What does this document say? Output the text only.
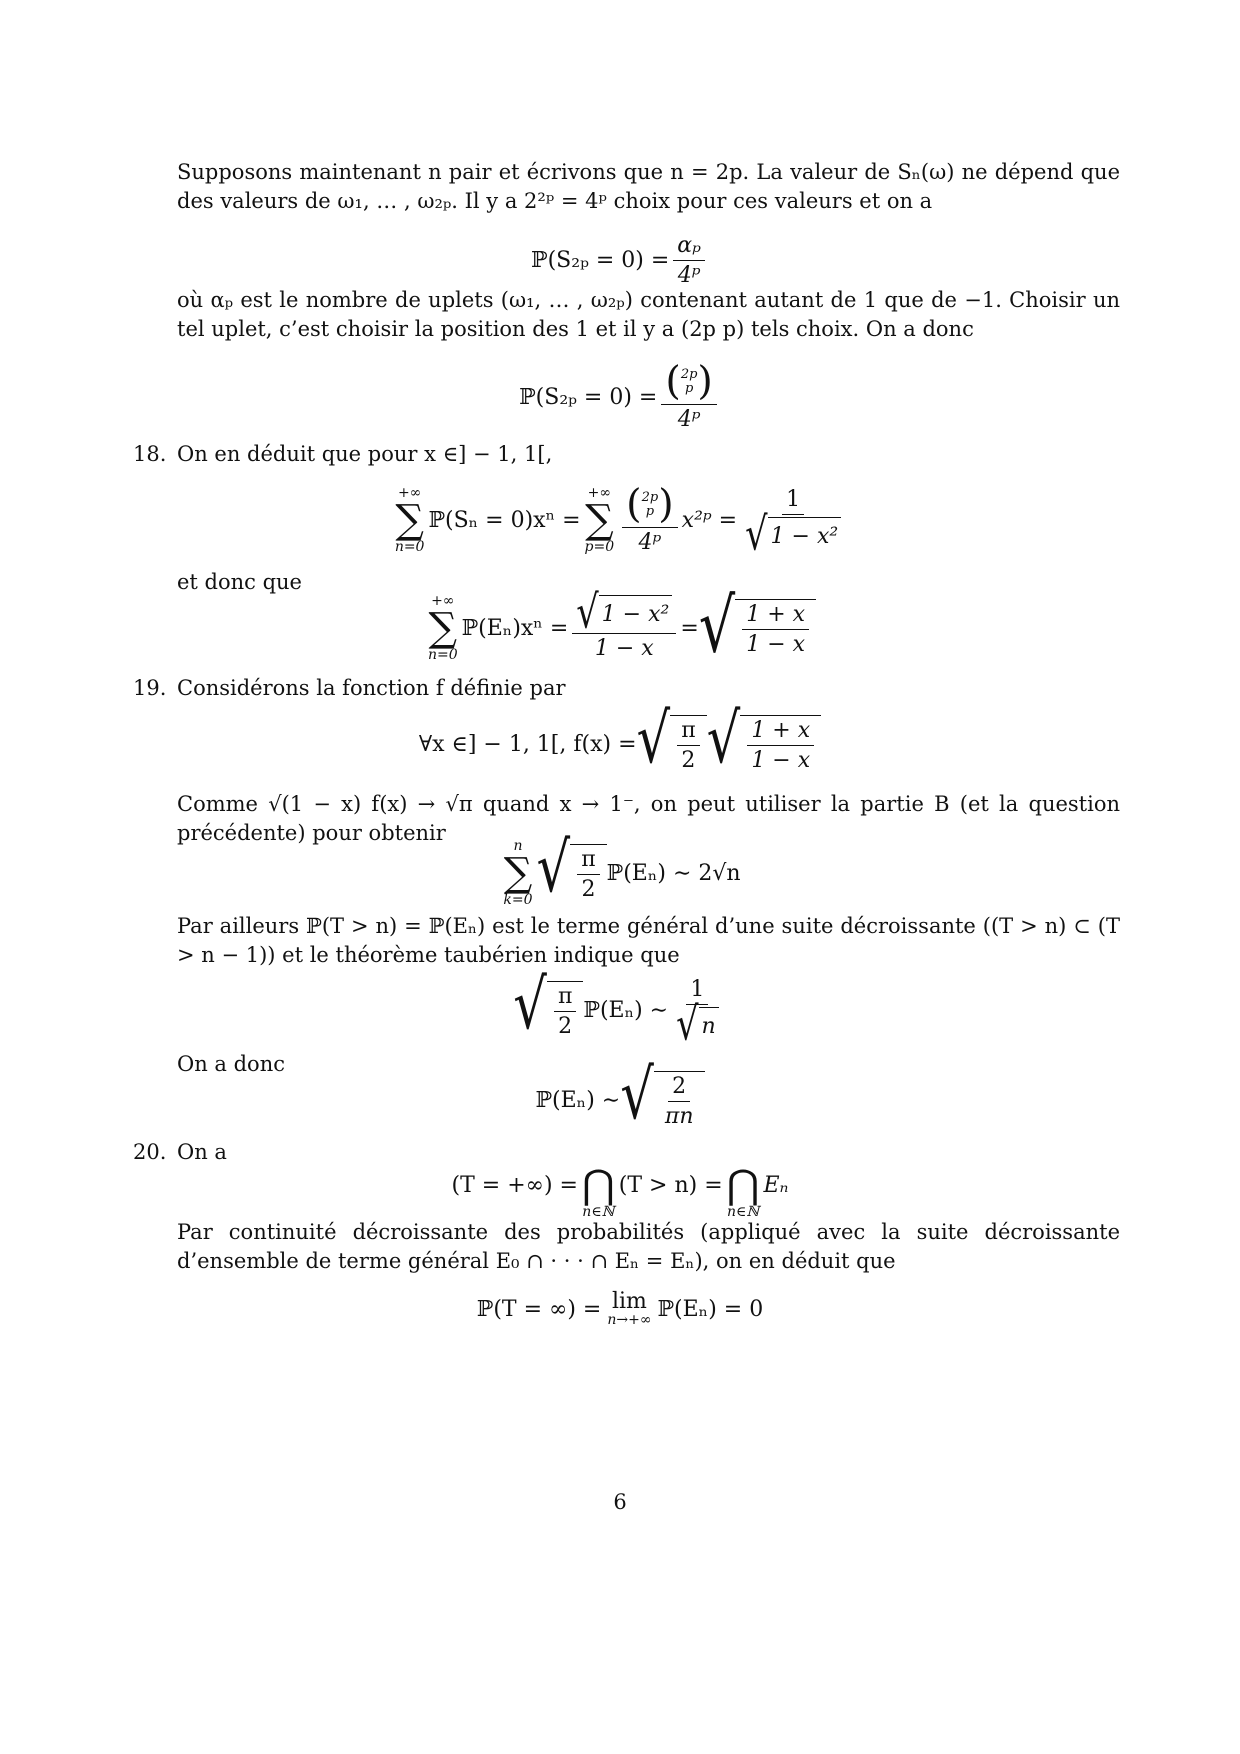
Supposons maintenant n pair et écrivons que n = 2p. La valeur de Sₙ(ω) ne dépend que des valeurs de ω₁, … , ω₂ₚ. Il y a 2²ᵖ = 4ᵖ choix pour ces valeurs et on a

ℙ(S₂ₚ = $0) = \frac{\text{αₚ}}{\text{4ᵖ}}$

où αₚ est le nombre de uplets (ω₁, … , ω₂ₚ) contenant autant de 1 que de −1. Choisir un tel uplet, c’est choisir la position des 1 et il y a (2p p) tels choix. On a donc

ℙ(S₂ₚ = 0) = ( 2p
p )
4ᵖ
18. On en déduit que pour x ∈] − 1, 1[,

+∞
∑
n=0
ℙ(Sₙ = 0)xⁿ =
+∞
∑
p=0 ( 2p
p )
4ᵖ x²ᵖ = $\frac{1}{\text{√ 1 − x²}}$

et donc que

+∞
∑
n=0
ℙ(Eₙ)xⁿ = $\frac{\text{√ 1 − x²}}{1 - x}$ = √ $\frac{1 + x}{1 - x}$
19. Considérons la fonction f définie par

∀x ∈] − 1, 1[, f(x) = √ $\frac{\pi}{2}$ √ $\frac{1 + x}{1 - x}$

Comme √(1 − x) f(x) → √π quand x → 1⁻, on peut utiliser la partie B (et la question précédente) pour obtenir

n
∑
k=0 √ $\frac{\pi}{2}$ ℙ(Eₙ) ∼ 2√n

Par ailleurs ℙ(T > n) = ℙ(Eₙ) est le terme général d’une suite décroissante ((T > n) ⊂ (T > n − 1)) et le théorème taubérien indique que

√ $\frac{\pi}{2}$ ℙ(Eₙ) ∼ $\frac{1}{√ n}$

On a donc

ℙ(Eₙ) ∼ √ $\frac{2}{\pi n}$
20. On a

(T = +∞) =
⋂
n∈ℕ
(T > n) =
⋂
n∈ℕ
Eₙ

Par continuité décroissante des probabilités (appliqué avec la suite décroissante d’ensemble de terme général E₀ ∩ · · · ∩ Eₙ = Eₙ), on en déduit que

ℙ(T = ∞) = lim
n→+∞ ℙ(Eₙ) = 0
6
